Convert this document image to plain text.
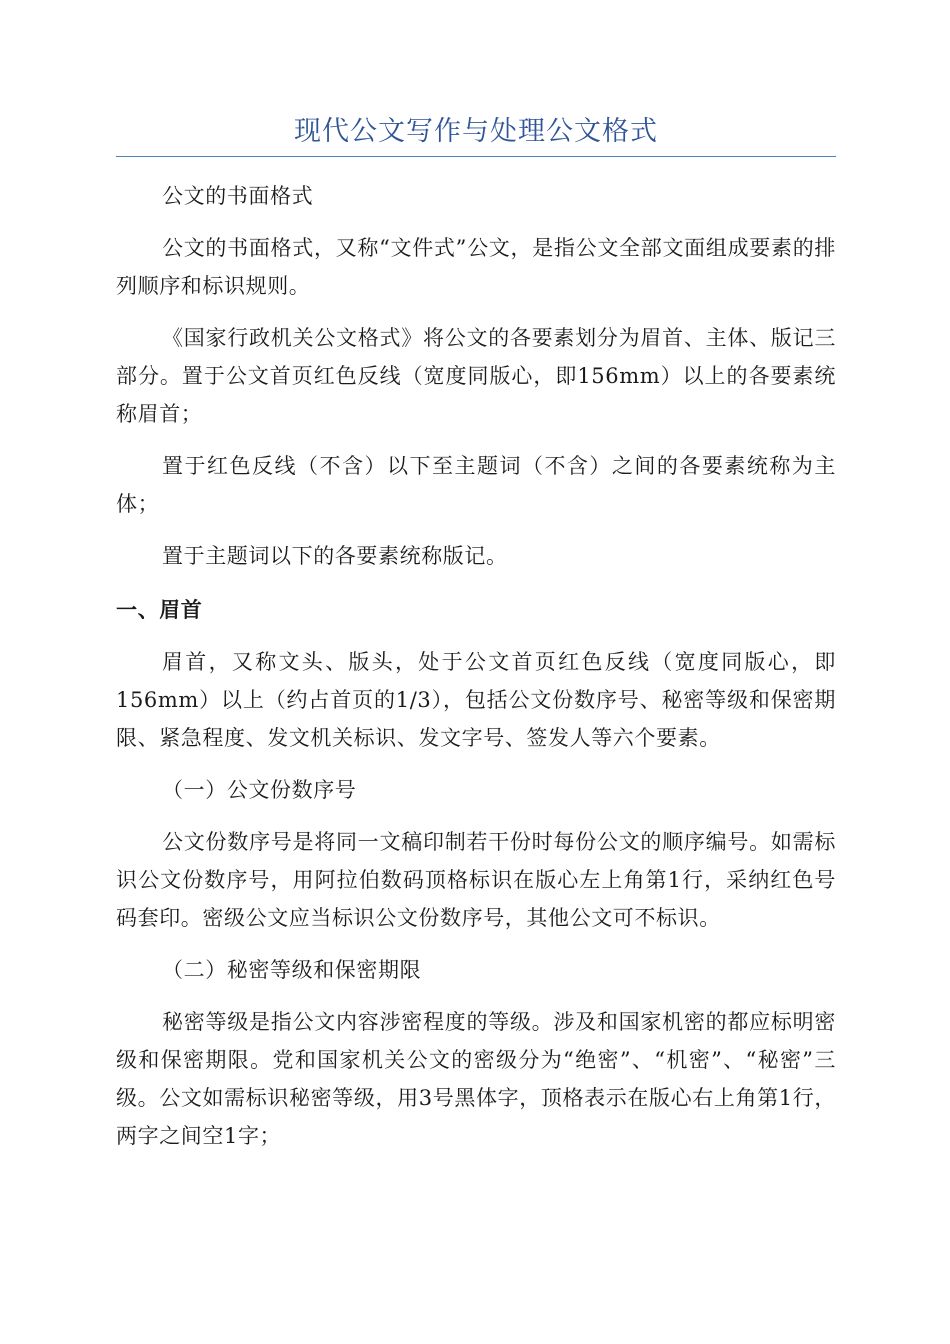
现代公文写作与处理公文格式

公文的书面格式

公文的书面格式，又称“文件式”公文，是指公文全部文面组成要素的排列顺序和标识规则。

《国家行政机关公文格式》将公文的各要素划分为眉首、主体、版记三部分。置于公文首页红色反线（宽度同版心，即156mm）以上的各要素统称眉首；

置于红色反线（不含）以下至主题词（不含）之间的各要素统称为主体；

置于主题词以下的各要素统称版记。

一、眉首

眉首，又称文头、版头，处于公文首页红色反线（宽度同版心，即156mm）以上（约占首页的1/3），包括公文份数序号、秘密等级和保密期限、紧急程度、发文机关标识、发文字号、签发人等六个要素。

（一）公文份数序号

公文份数序号是将同一文稿印制若干份时每份公文的顺序编号。如需标识公文份数序号，用阿拉伯数码顶格标识在版心左上角第1行，采纳红色号码套印。密级公文应当标识公文份数序号，其他公文可不标识。

（二）秘密等级和保密期限

秘密等级是指公文内容涉密程度的等级。涉及和国家机密的都应标明密级和保密期限。党和国家机关公文的密级分为“绝密”、“机密”、“秘密”三级。公文如需标识秘密等级，用3号黑体字，顶格表示在版心右上角第1行，两字之间空1字；
